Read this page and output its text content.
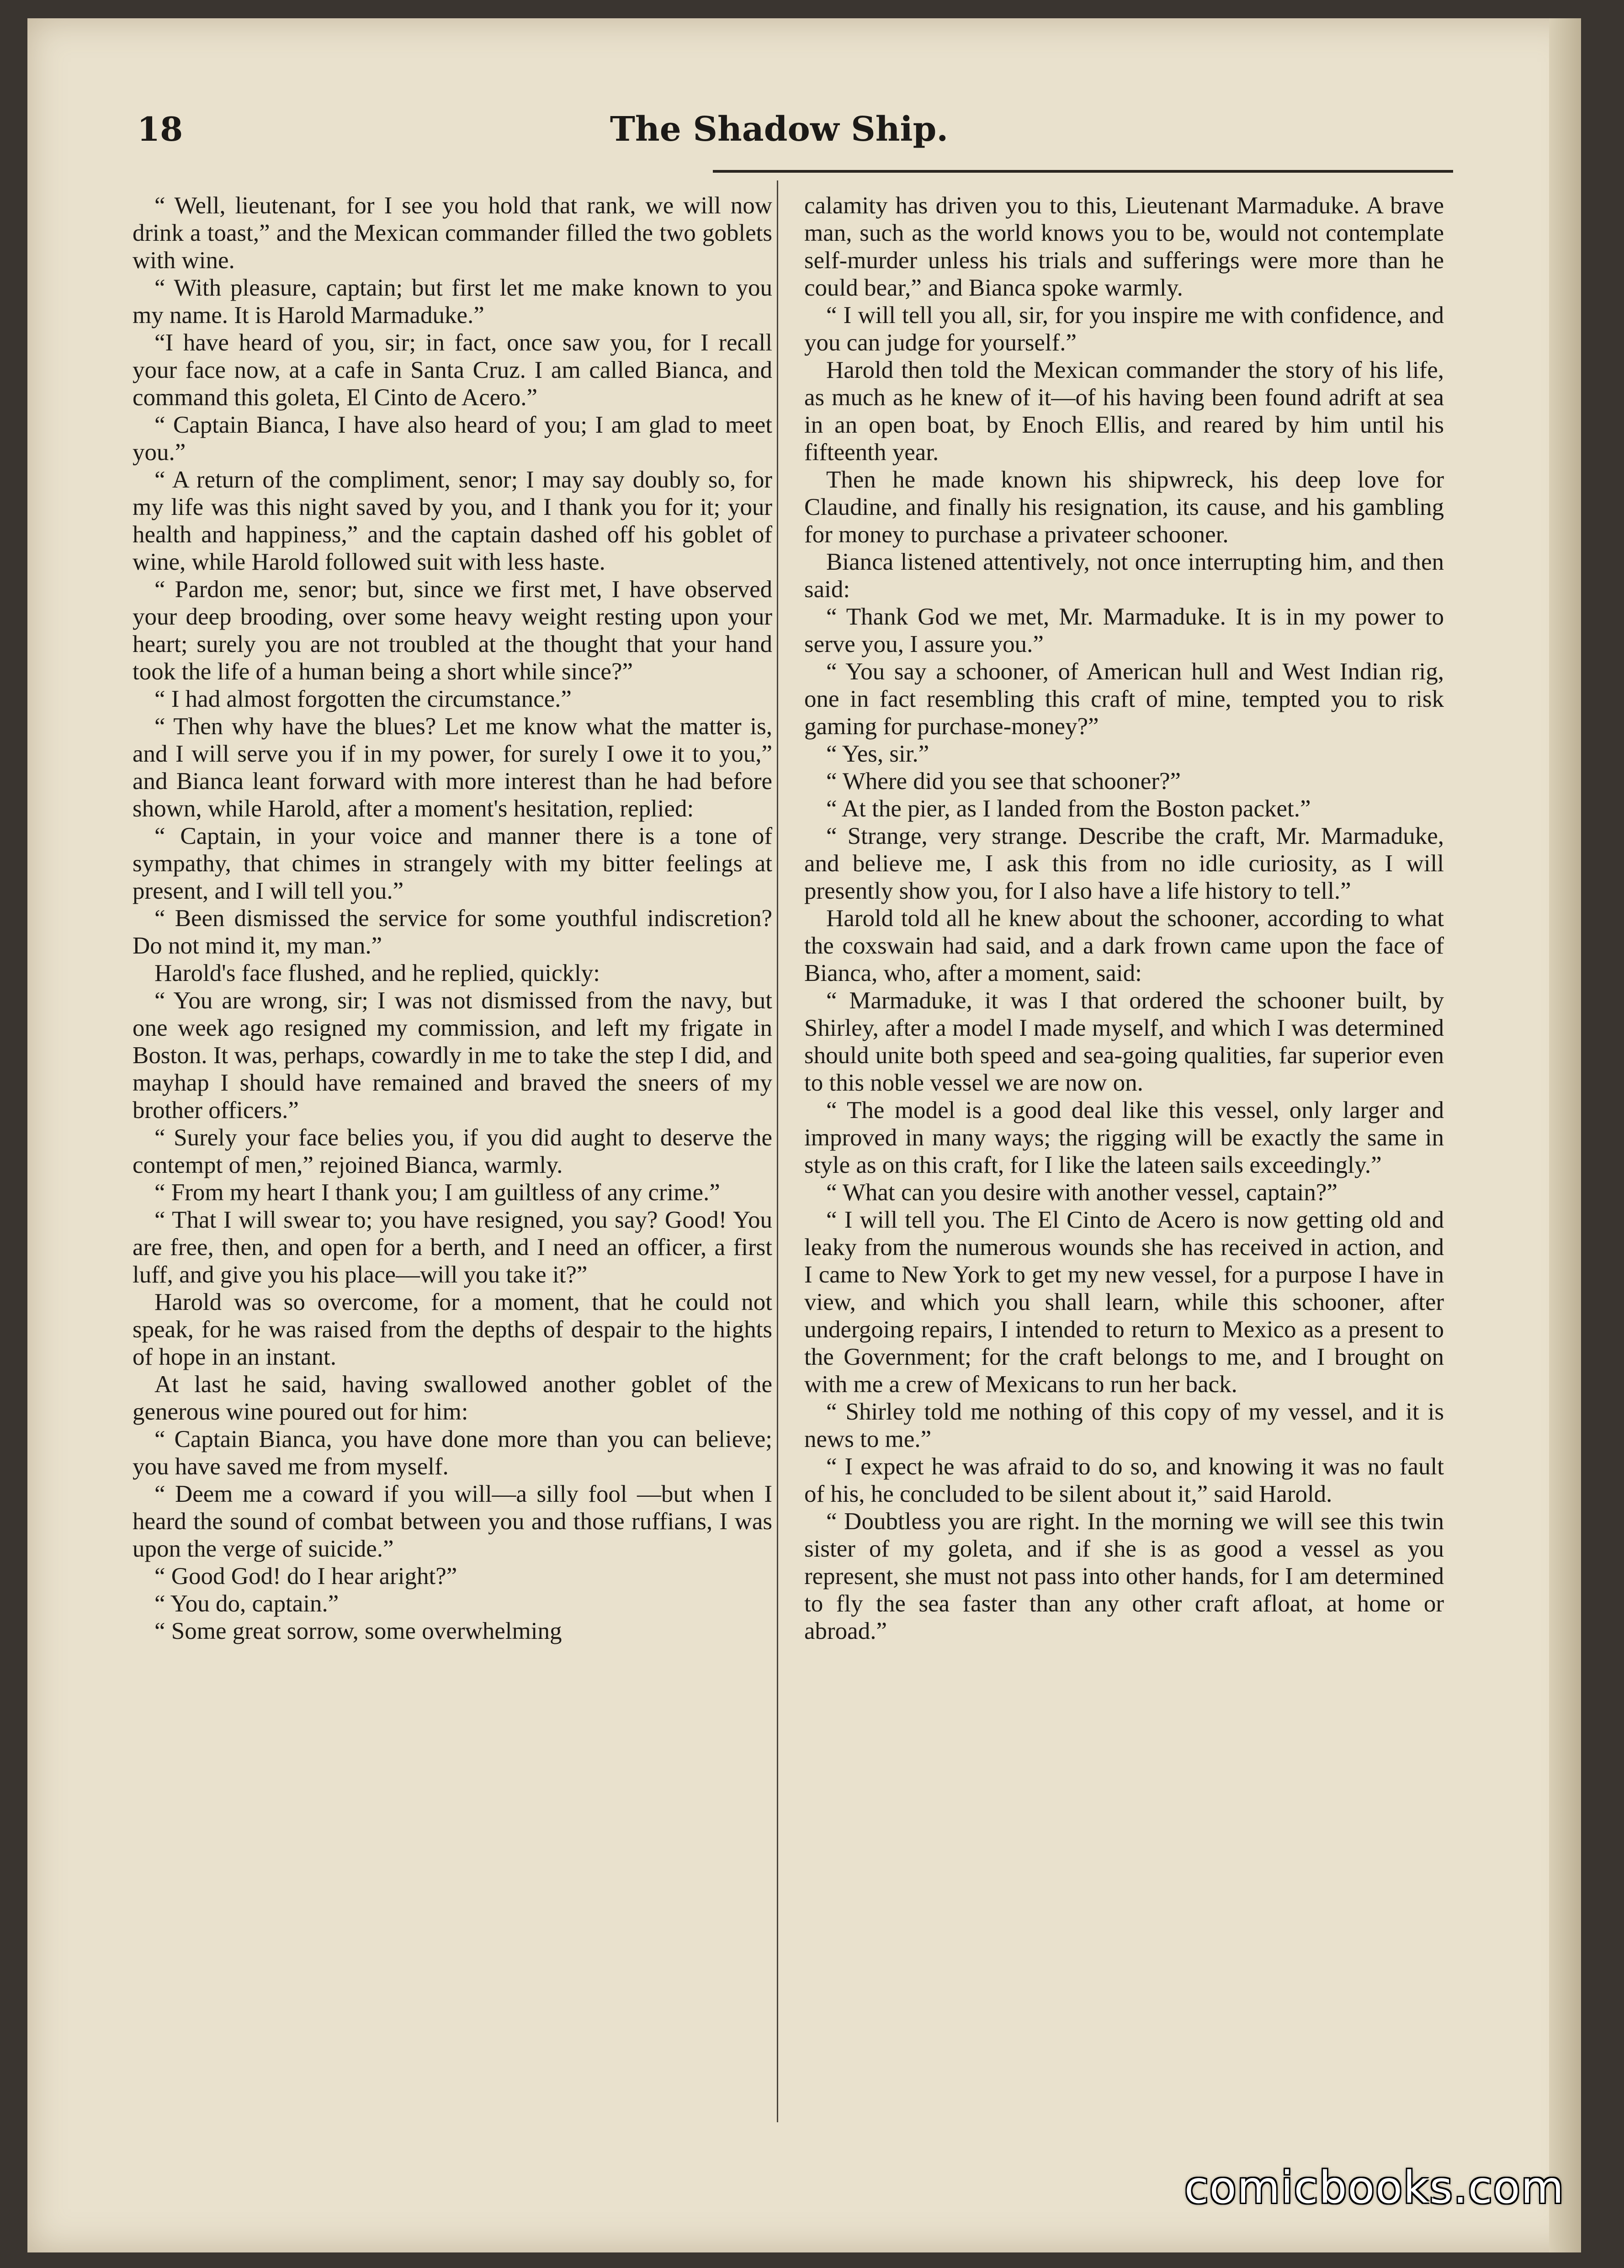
18	The Shadow Ship.

“ Well, lieutenant, for I see you hold that rank, we will now drink a toast,” and the Mexican commander filled the two goblets with wine.

“ With pleasure, captain; but first let me make known to you my name. It is Harold Marmaduke.”

“I have heard of you, sir; in fact, once saw you, for I recall your face now, at a cafe in Santa Cruz. I am called Bianca, and command this goleta, El Cinto de Acero.”

“ Captain Bianca, I have also heard of you; I am glad to meet you.”

“ A return of the compliment, senor; I may say doubly so, for my life was this night saved by you, and I thank you for it; your health and happiness,” and the captain dashed off his goblet of wine, while Harold followed suit with less haste.

“ Pardon me, senor; but, since we first met, I have observed your deep brooding, over some heavy weight resting upon your heart; surely you are not troubled at the thought that your hand took the life of a human being a short while since?”

“ I had almost forgotten the circumstance.”

“ Then why have the blues? Let me know what the matter is, and I will serve you if in my power, for surely I owe it to you,” and Bianca leant forward with more interest than he had before shown, while Harold, after a moment's hesitation, replied:

“ Captain, in your voice and manner there is a tone of sympathy, that chimes in strangely with my bitter feelings at present, and I will tell you.”

“ Been dismissed the service for some youthful indiscretion? Do not mind it, my man.”

Harold's face flushed, and he replied, quickly:

“ You are wrong, sir; I was not dismissed from the navy, but one week ago resigned my commission, and left my frigate in Boston. It was, perhaps, cowardly in me to take the step I did, and mayhap I should have remained and braved the sneers of my brother officers.”

“ Surely your face belies you, if you did aught to deserve the contempt of men,” rejoined Bianca, warmly.

“ From my heart I thank you; I am guiltless of any crime.”

“ That I will swear to; you have resigned, you say? Good! You are free, then, and open for a berth, and I need an officer, a first luff, and give you his place—will you take it?”

Harold was so overcome, for a moment, that he could not speak, for he was raised from the depths of despair to the hights of hope in an instant.

At last he said, having swallowed another goblet of the generous wine poured out for him:

“ Captain Bianca, you have done more than you can believe; you have saved me from myself.

“ Deem me a coward if you will—a silly fool —but when I heard the sound of combat between you and those ruffians, I was upon the verge of suicide.”

“ Good God! do I hear aright?”

“ You do, captain.”

“ Some great sorrow, some overwhelming

calamity has driven you to this, Lieutenant Marmaduke. A brave man, such as the world knows you to be, would not contemplate self-murder unless his trials and sufferings were more than he could bear,” and Bianca spoke warmly.

“ I will tell you all, sir, for you inspire me with confidence, and you can judge for yourself.”

Harold then told the Mexican commander the story of his life, as much as he knew of it—of his having been found adrift at sea in an open boat, by Enoch Ellis, and reared by him until his fifteenth year.

Then he made known his shipwreck, his deep love for Claudine, and finally his resignation, its cause, and his gambling for money to purchase a privateer schooner.

Bianca listened attentively, not once interrupting him, and then said:

“ Thank God we met, Mr. Marmaduke. It is in my power to serve you, I assure you.”

“ You say a schooner, of American hull and West Indian rig, one in fact resembling this craft of mine, tempted you to risk gaming for purchase-money?”

“ Yes, sir.”

“ Where did you see that schooner?”

“ At the pier, as I landed from the Boston packet.”

“ Strange, very strange. Describe the craft, Mr. Marmaduke, and believe me, I ask this from no idle curiosity, as I will presently show you, for I also have a life history to tell.”

Harold told all he knew about the schooner, according to what the coxswain had said, and a dark frown came upon the face of Bianca, who, after a moment, said:

“ Marmaduke, it was I that ordered the schooner built, by Shirley, after a model I made myself, and which I was determined should unite both speed and sea-going qualities, far superior even to this noble vessel we are now on.

“ The model is a good deal like this vessel, only larger and improved in many ways; the rigging will be exactly the same in style as on this craft, for I like the lateen sails exceedingly.”

“ What can you desire with another vessel, captain?”

“ I will tell you. The El Cinto de Acero is now getting old and leaky from the numerous wounds she has received in action, and I came to New York to get my new vessel, for a purpose I have in view, and which you shall learn, while this schooner, after undergoing repairs, I intended to return to Mexico as a present to the Government; for the craft belongs to me, and I brought on with me a crew of Mexicans to run her back.

“ Shirley told me nothing of this copy of my vessel, and it is news to me.”

“ I expect he was afraid to do so, and knowing it was no fault of his, he concluded to be silent about it,” said Harold.

“ Doubtless you are right. In the morning we will see this twin sister of my goleta, and if she is as good a vessel as you represent, she must not pass into other hands, for I am determined to fly the sea faster than any other craft afloat, at home or abroad.”

comicbooks.com
